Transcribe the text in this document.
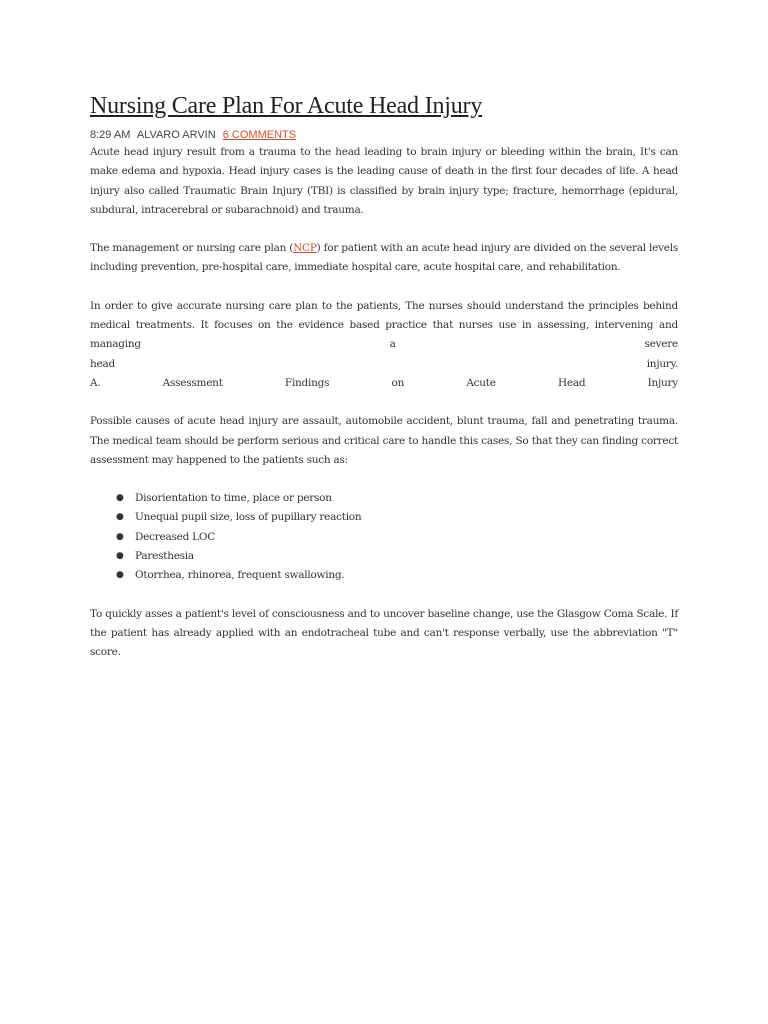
Nursing Care Plan For Acute Head Injury
8:29 AM ALVARO ARVIN 6 COMMENTS

Acute head injury result from a trauma to the head leading to brain injury or bleeding within the brain, It's can make edema and hypoxia. Head injury cases is the leading cause of death in the first four decades of life. A head injury also called Traumatic Brain Injury (TBI) is classified by brain injury type; fracture, hemorrhage (epidural, subdural, intracerebral or subarachnoid) and trauma.

The management or nursing care plan (NCP) for patient with an acute head injury are divided on the several levels including prevention, pre-hospital care, immediate hospital care, acute hospital care, and rehabilitation.

In order to give accurate nursing care plan to the patients, The nurses should understand the principles behind medical treatments. It focuses on the evidence based practice that nurses use in assessing, intervening and managing a severe

head	injury.
A.	Assessment	Findings	on	Acute	Head	Injury

Possible causes of acute head injury are assault, automobile accident, blunt trauma, fall and penetrating trauma. The medical team should be perform serious and critical care to handle this cases, So that they can finding correct assessment may happened to the patients such as:

● Disorientation to time, place or person
● Unequal pupil size, loss of pupillary reaction
● Decreased LOC
● Paresthesia
● Otorrhea, rhinorea, frequent swallowing.

To quickly asses a patient's level of consciousness and to uncover baseline change, use the Glasgow Coma Scale. If the patient has already applied with an endotracheal tube and can't response verbally, use the abbreviation "T" score.
